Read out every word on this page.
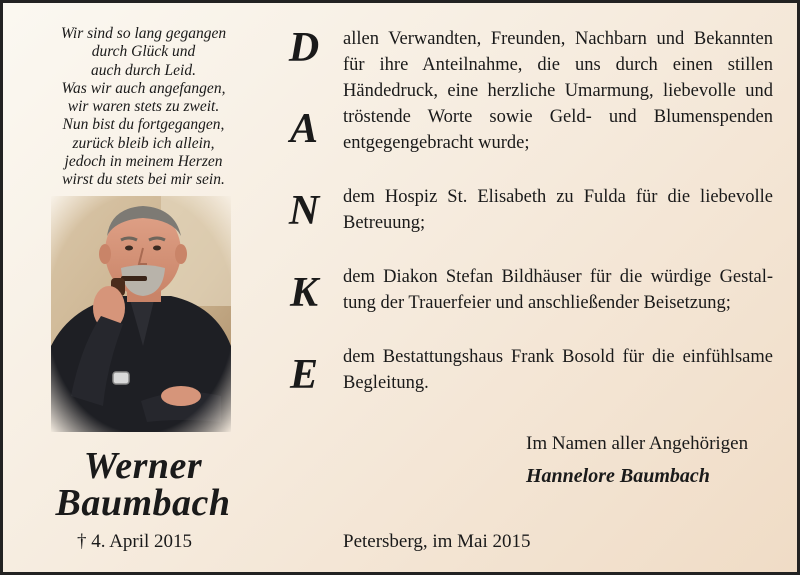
Wir sind so lang gegangen
durch Glück und
auch durch Leid.
Was wir auch angefangen,
wir waren stets zu zweit.
Nun bist du fortgegangen,
zurück bleib ich allein,
jedoch in meinem Herzen
wirst du stets bei mir sein.
Werner
Baumbach
† 4. April 2015
D
A
N
K
E
allen Verwandten, Freunden, Nachbarn und Bekannten
für ihre Anteilnahme, die uns durch einen stillen
Händedruck, eine herzliche Umarmung, liebevolle und
tröstende Worte sowie Geld- und Blumenspenden
entgegengebracht wurde;
dem Hospiz St. Elisabeth zu Fulda für die liebevolle
Betreuung;
dem Diakon Stefan Bildhäuser für die würdige Gestal-
tung der Trauerfeier und anschließender Beisetzung;
dem Bestattungshaus Frank Bosold für die einfühlsame
Begleitung.
Im Namen aller Angehörigen
Hannelore Baumbach
Petersberg, im Mai 2015
